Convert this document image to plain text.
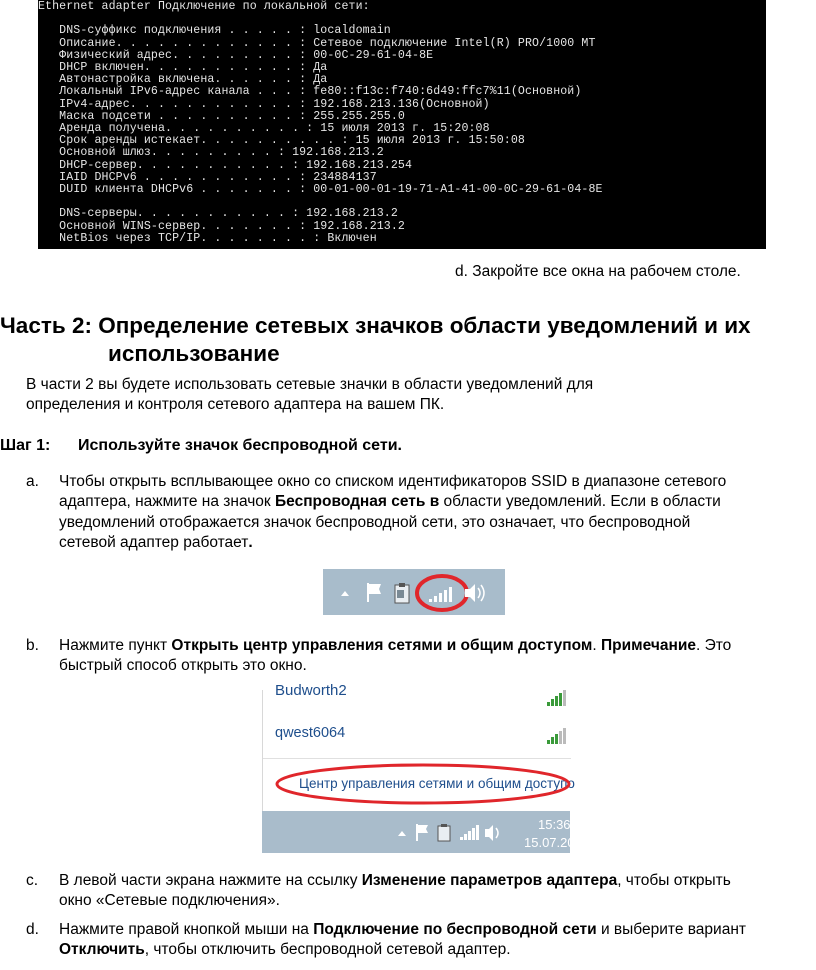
Ethernet adapter Подключение по локальной сети:
DNS-суффикс подключения . . . . . : localdomain
Описание. . . . . . . . . . . . . : Сетевое подключение Intel(R) PRO/1000 MT
Физический адрес. . . . . . . . . : 00-0C-29-61-04-8E
DHCP включен. . . . . . . . . . . : Да
Автонастройка включена. . . . . . : Да
Локальный IPv6-адрес канала . . . : fe80::f13c:f740:6d49:ffc7%11(Основной)
IPv4-адрес. . . . . . . . . . . . : 192.168.213.136(Основной)
Маска подсети . . . . . . . . . . : 255.255.255.0
Аренда получена. . . . . . . . . . : 15 июля 2013 г. 15:20:08
Срок аренды истекает. . . . . . . . . . : 15 июля 2013 г. 15:50:08
Основной шлюз. . . . . . . . . : 192.168.213.2
DHCP-сервер. . . . . . . . . . . : 192.168.213.254
IAID DHCPv6 . . . . . . . . . . . : 234884137
DUID клиента DHCPv6 . . . . . . . : 00-01-00-01-19-71-A1-41-00-0C-29-61-04-8E
DNS-серверы. . . . . . . . . . . : 192.168.213.2
Основной WINS-сервер. . . . . . . : 192.168.213.2
NetBios через TCP/IP. . . . . . . . : Включен
d. Закройте все окна на рабочем столе.
Часть 2: Определение сетевых значков области уведомлений и их
использование
В части 2 вы будете использовать сетевые значки в области уведомлений для
определения и контроля сетевого адаптера на вашем ПК.
Шаг 1: Используйте значок беспроводной сети.
a. Чтобы открыть всплывающее окно со списком идентификаторов SSID в диапазоне сетевого
адаптера, нажмите на значок Беспроводная сеть в области уведомлений. Если в области
уведомлений отображается значок беспроводной сети, это означает, что беспроводной
сетевой адаптер работает.
b. Нажмите пункт Открыть центр управления сетями и общим доступом. Примечание. Это
быстрый способ открыть это окно.
Budworth2
qwest6064
Центр управления сетями и общим доступо
15:36
15.07.20
c. В левой части экрана нажмите на ссылку Изменение параметров адаптера, чтобы открыть
окно «Сетевые подключения».
d. Нажмите правой кнопкой мыши на Подключение по беспроводной сети и выберите вариант
Отключить, чтобы отключить беспроводной сетевой адаптер.
